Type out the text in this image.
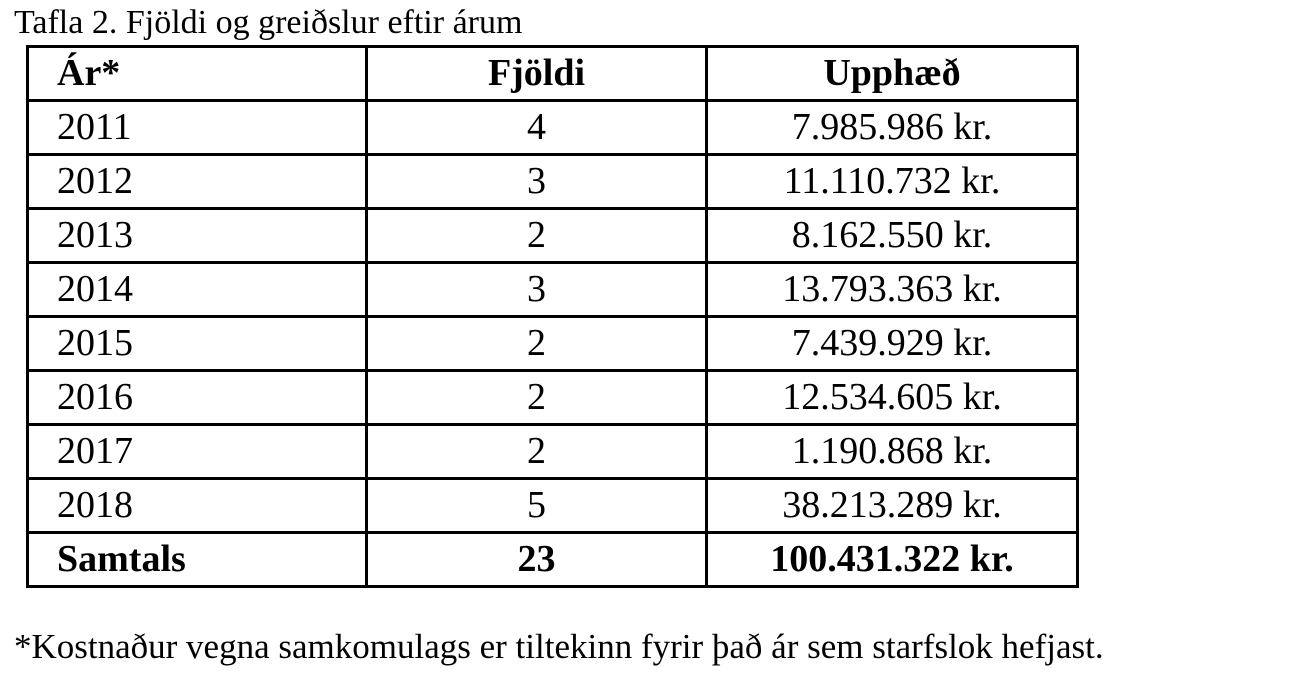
Tafla 2. Fjöldi og greiðslur eftir árum
Ár*	Fjöldi	Upphæð
2011	4	7.985.986 kr.
2012	3	11.110.732 kr.
2013	2	8.162.550 kr.
2014	3	13.793.363 kr.
2015	2	7.439.929 kr.
2016	2	12.534.605 kr.
2017	2	1.190.868 kr.
2018	5	38.213.289 kr.
Samtals	23	100.431.322 kr.
*Kostnaður vegna samkomulags er tiltekinn fyrir það ár sem starfslok hefjast.
